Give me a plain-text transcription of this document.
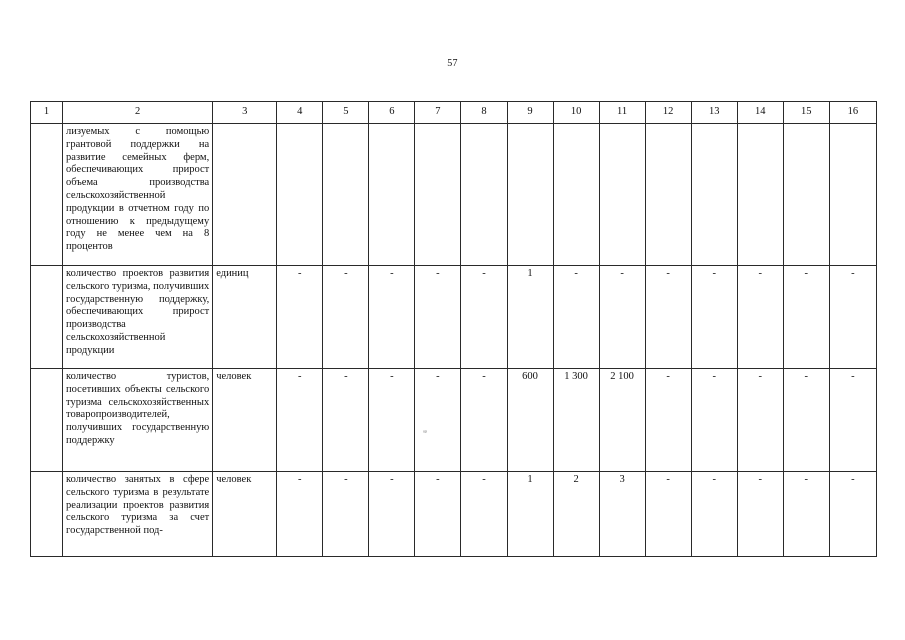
57
1	2	3	4	5	6	7	8	9	10	11	12	13	14	15	16

	лизуемых с помощью грантовой поддержки на развитие семейных ферм, обеспечивающих прирост объема производства сельскохозяйственной продукции в отчетном году по отношению к предыдущему году не менее чем на 8 процентов														

	количество проектов развития сельского туризма, получивших государственную поддержку, обеспечивающих прирост производства сельскохозяйственной продукции	единиц	-	-	-	-	-	1	-	-	-	-	-	-	-

	количество туристов, посетивших объекты сельского туризма сельскохозяйственных товаропроизводителей, получивших государственную поддержку	человек	-	-	-	-	-	600	1 300	2 100	-	-	-	-	-

	количество занятых в сфере сельского туризма в результате реализации проектов развития сельского туризма за счет государственной под-	человек	-	-	-	-	-	1	2	3	-	-	-	-	-
ᵘᵖ
